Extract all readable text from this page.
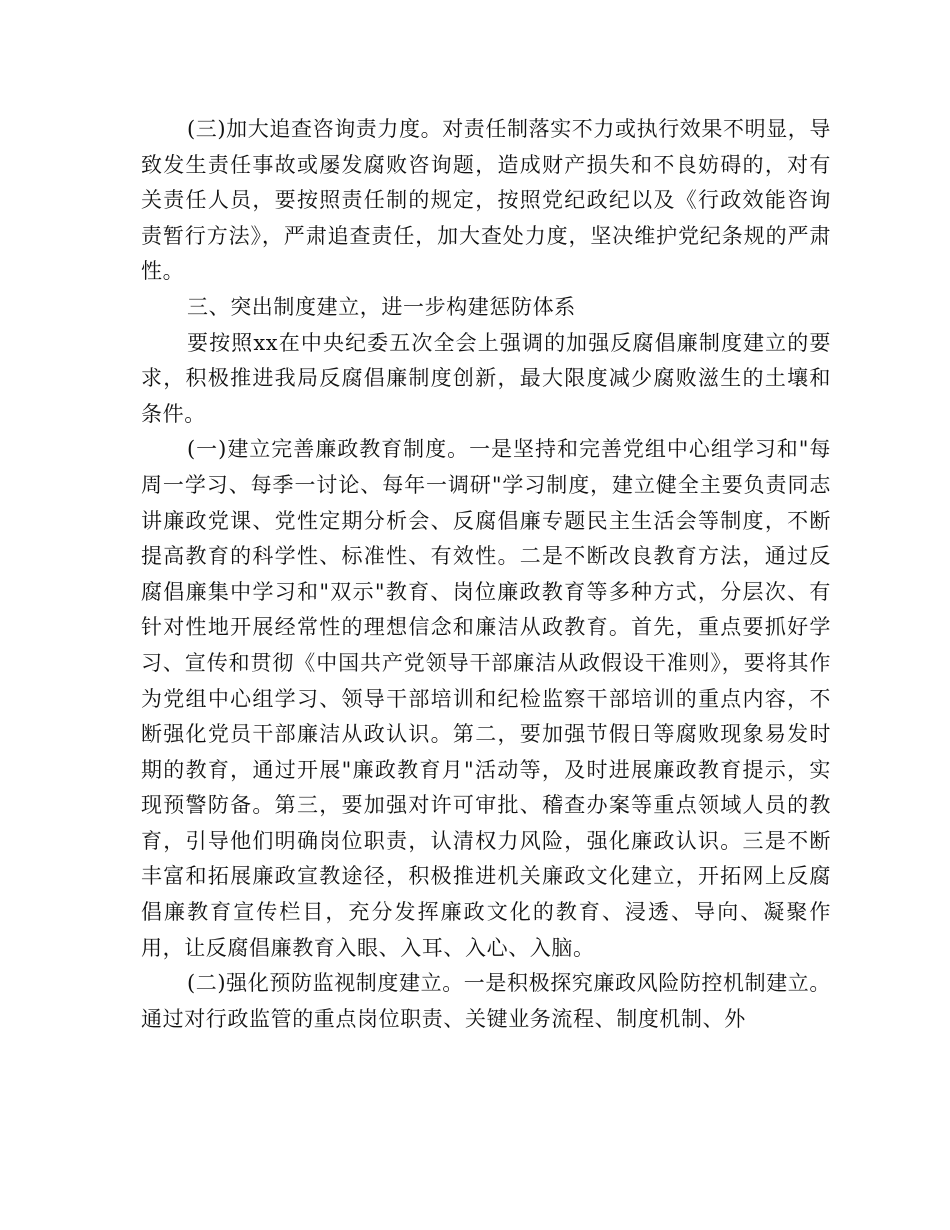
(三)加大追查咨询责力度。对责任制落实不力或执行效果不明显，导致发生责任事故或屡发腐败咨询题，造成财产损失和不良妨碍的，对有关责任人员，要按照责任制的规定，按照党纪政纪以及《行政效能咨询责暂行方法》，严肃追查责任，加大查处力度，坚决维护党纪条规的严肃性。

三、突出制度建立，进一步构建惩防体系

要按照xx在中央纪委五次全会上强调的加强反腐倡廉制度建立的要求，积极推进我局反腐倡廉制度创新，最大限度减少腐败滋生的土壤和条件。

(一)建立完善廉政教育制度。一是坚持和完善党组中心组学习和"每周一学习、每季一讨论、每年一调研"学习制度，建立健全主要负责同志讲廉政党课、党性定期分析会、反腐倡廉专题民主生活会等制度，不断提高教育的科学性、标准性、有效性。二是不断改良教育方法，通过反腐倡廉集中学习和"双示"教育、岗位廉政教育等多种方式，分层次、有针对性地开展经常性的理想信念和廉洁从政教育。首先，重点要抓好学习、宣传和贯彻《中国共产党领导干部廉洁从政假设干准则》，要将其作为党组中心组学习、领导干部培训和纪检监察干部培训的重点内容，不断强化党员干部廉洁从政认识。第二，要加强节假日等腐败现象易发时期的教育，通过开展"廉政教育月"活动等，及时进展廉政教育提示，实现预警防备。第三，要加强对许可审批、稽查办案等重点领域人员的教育，引导他们明确岗位职责，认清权力风险，强化廉政认识。三是不断丰富和拓展廉政宣教途径，积极推进机关廉政文化建立，开拓网上反腐倡廉教育宣传栏目，充分发挥廉政文化的教育、浸透、导向、凝聚作用，让反腐倡廉教育入眼、入耳、入心、入脑。

(二)强化预防监视制度建立。一是积极探究廉政风险防控机制建立。通过对行政监管的重点岗位职责、关键业务流程、制度机制、外
